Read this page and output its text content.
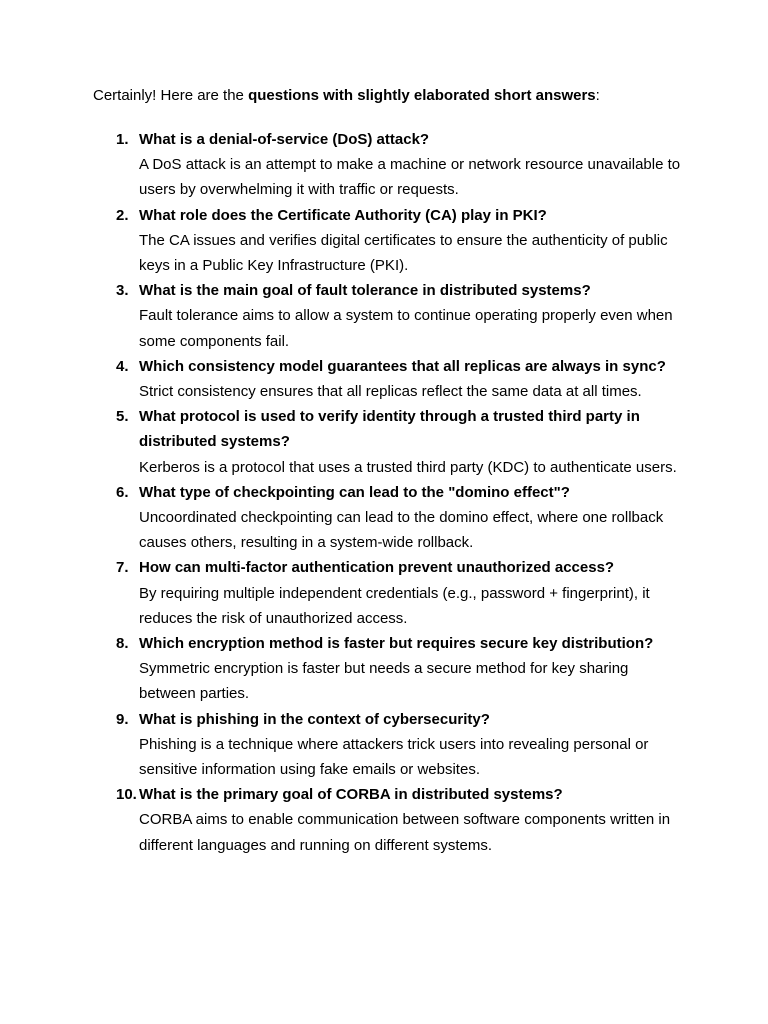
Certainly! Here are the questions with slightly elaborated short answers:

1. What is a denial-of-service (DoS) attack?
A DoS attack is an attempt to make a machine or network resource unavailable to users by overwhelming it with traffic or requests.
2. What role does the Certificate Authority (CA) play in PKI?
The CA issues and verifies digital certificates to ensure the authenticity of public keys in a Public Key Infrastructure (PKI).
3. What is the main goal of fault tolerance in distributed systems?
Fault tolerance aims to allow a system to continue operating properly even when some components fail.
4. Which consistency model guarantees that all replicas are always in sync?
Strict consistency ensures that all replicas reflect the same data at all times.
5. What protocol is used to verify identity through a trusted third party in distributed systems?
Kerberos is a protocol that uses a trusted third party (KDC) to authenticate users.
6. What type of checkpointing can lead to the "domino effect"?
Uncoordinated checkpointing can lead to the domino effect, where one rollback causes others, resulting in a system-wide rollback.
7. How can multi-factor authentication prevent unauthorized access?
By requiring multiple independent credentials (e.g., password + fingerprint), it reduces the risk of unauthorized access.
8. Which encryption method is faster but requires secure key distribution?
Symmetric encryption is faster but needs a secure method for key sharing between parties.
9. What is phishing in the context of cybersecurity?
Phishing is a technique where attackers trick users into revealing personal or sensitive information using fake emails or websites.
10. What is the primary goal of CORBA in distributed systems?
CORBA aims to enable communication between software components written in different languages and running on different systems.
